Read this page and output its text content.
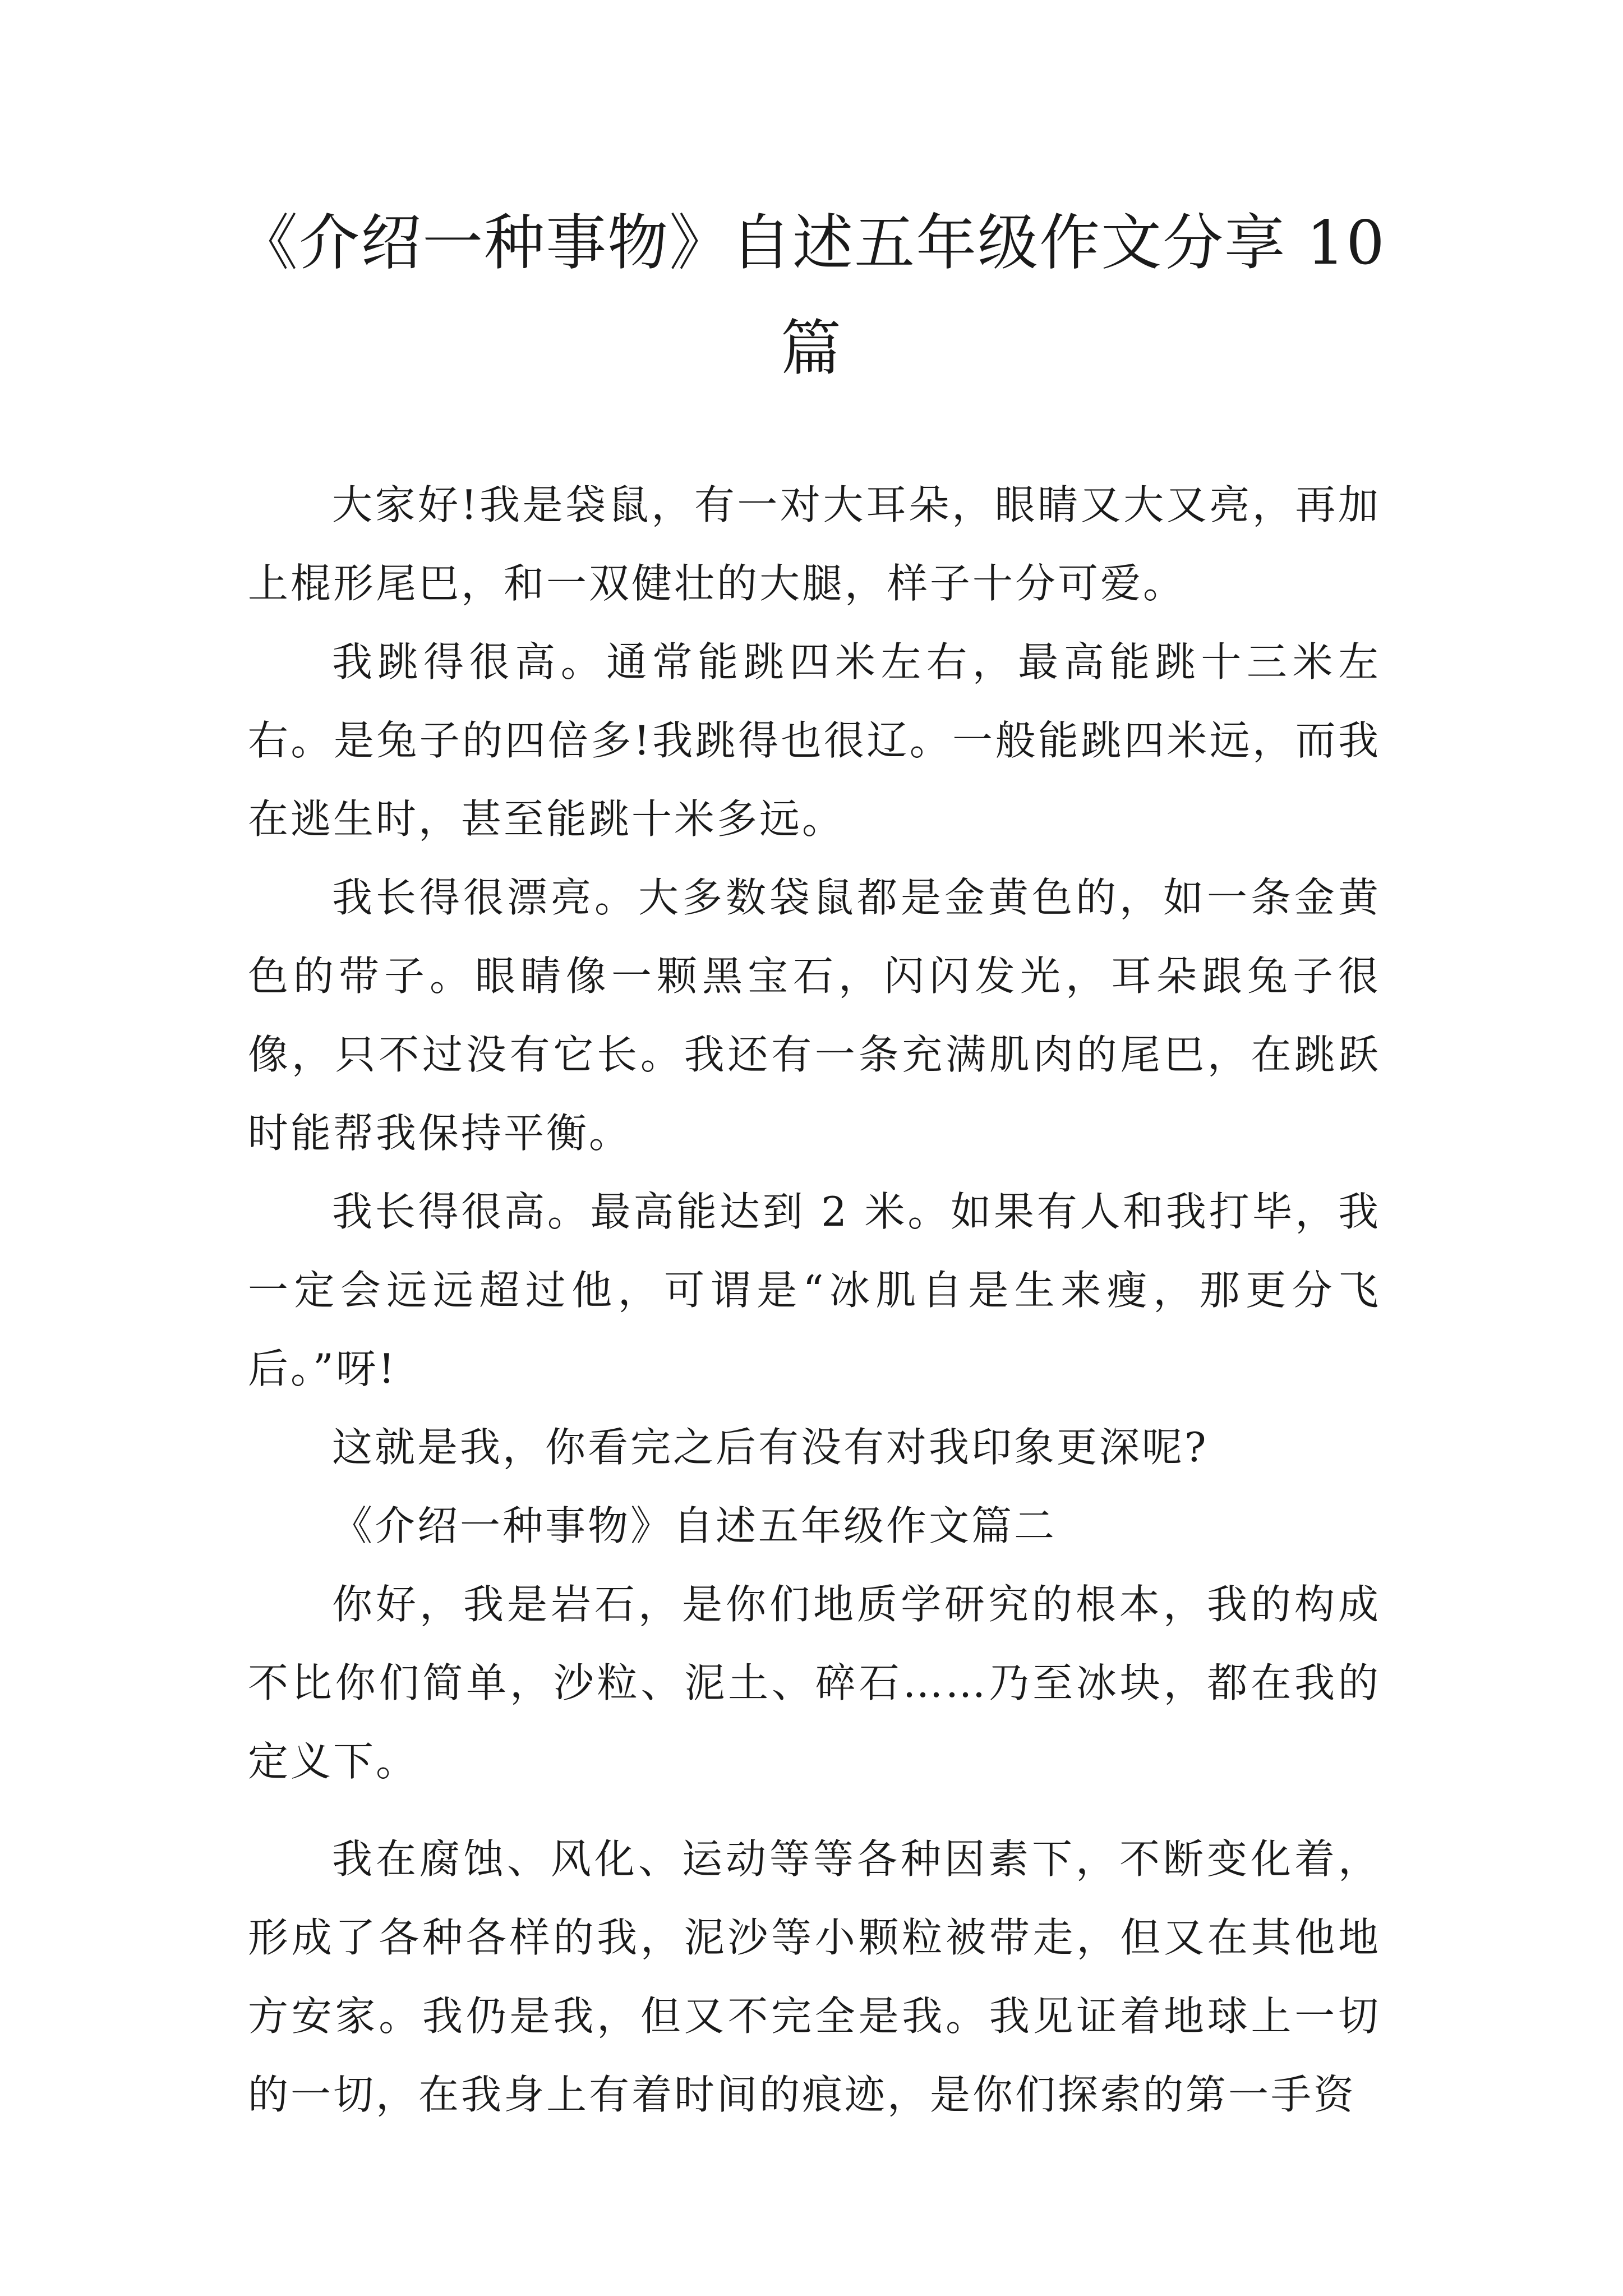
《介绍一种事物》自述五年级作文分享 10 篇

大家好!我是袋鼠，有一对大耳朵，眼睛又大又亮，再加上棍形尾巴，和一双健壮的大腿，样子十分可爱。

我跳得很高。通常能跳四米左右，最高能跳十三米左右。是兔子的四倍多!我跳得也很辽。一般能跳四米远，而我在逃生时，甚至能跳十米多远。

我长得很漂亮。大多数袋鼠都是金黄色的，如一条金黄色的带子。眼睛像一颗黑宝石，闪闪发光，耳朵跟兔子很像，只不过没有它长。我还有一条充满肌肉的尾巴，在跳跃时能帮我保持平衡。

我长得很高。最高能达到 2 米。如果有人和我打毕，我一定会远远超过他，可谓是“冰肌自是生来瘦，那更分飞后。”呀!

这就是我，你看完之后有没有对我印象更深呢?

《介绍一种事物》自述五年级作文篇二

你好，我是岩石，是你们地质学研究的根本，我的构成不比你们简单，沙粒、泥土、碎石……乃至冰块，都在我的定义下。

我在腐蚀、风化、运动等等各种因素下，不断变化着，形成了各种各样的我，泥沙等小颗粒被带走，但又在其他地方安家。我仍是我，但又不完全是我。我见证着地球上一切的一切，在我身上有着时间的痕迹，是你们探索的第一手资
